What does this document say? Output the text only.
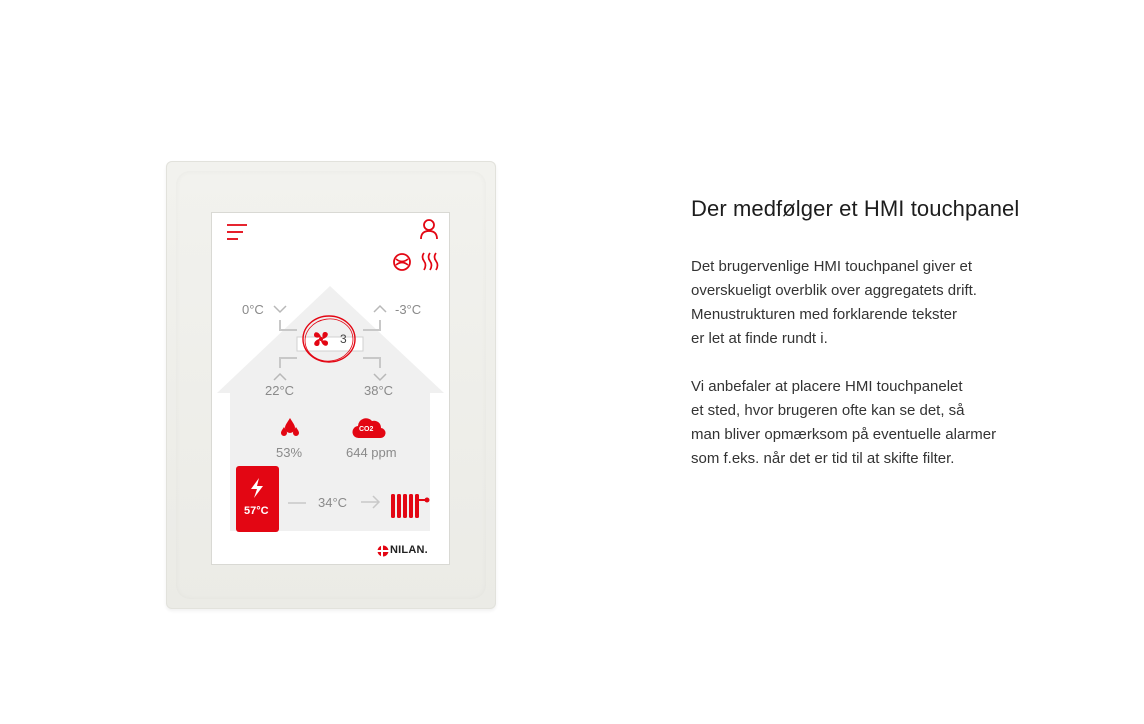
0°C	-3°C
3
22°C	38°C
53%
CO2
644 ppm
57°C
34°C
NILAN.
Der medfølger et HMI touchpanel

Det brugervenlige HMI touchpanel giver et
overskueligt overblik over aggregatets drift.
Menustrukturen med forklarende tekster
er let at finde rundt i.

Vi anbefaler at placere HMI touchpanelet
et sted, hvor brugeren ofte kan se det, så
man bliver opmærksom på eventuelle alarmer
som f.eks. når det er tid til at skifte filter.
